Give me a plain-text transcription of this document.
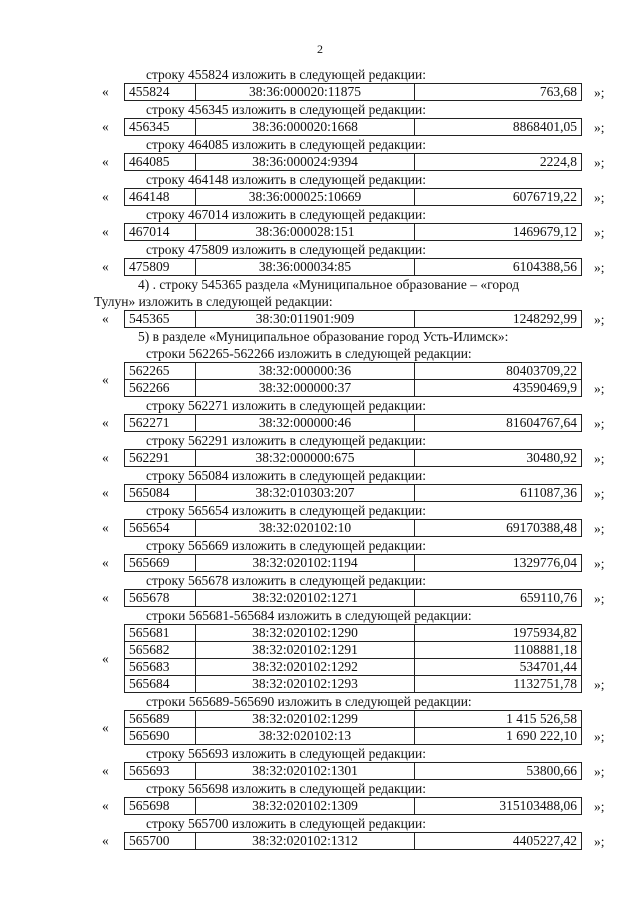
2
строку 455824 изложить в следующей редакции:
« 455824	38:36:000020:11875	763,68 »;
строку 456345 изложить в следующей редакции:
« 456345	38:36:000020:1668	8868401,05 »;
строку 464085 изложить в следующей редакции:
« 464085	38:36:000024:9394	2224,8 »;
строку 464148 изложить в следующей редакции:
« 464148	38:36:000025:10669	6076719,22 »;
строку 467014 изложить в следующей редакции:
« 467014	38:36:000028:151	1469679,12 »;
строку 475809 изложить в следующей редакции:
« 475809	38:36:000034:85	6104388,56 »;
4) . строку 545365 раздела «Муниципальное образование – «город
Тулун» изложить в следующей редакции:
« 545365	38:30:011901:909	1248292,99 »;
5) в разделе «Муниципальное образование город Усть-Илимск»:
строки 562265-562266 изложить в следующей редакции:
«
562265	38:32:000000:36	80403709,22
562266	38:32:000000:37	43590469,9 »;
строку 562271 изложить в следующей редакции:
« 562271	38:32:000000:46	81604767,64 »;
строку 562291 изложить в следующей редакции:
« 562291	38:32:000000:675	30480,92 »;
строку 565084 изложить в следующей редакции:
« 565084	38:32:010303:207	611087,36 »;
строку 565654 изложить в следующей редакции:
« 565654	38:32:020102:10	69170388,48 »;
строку 565669 изложить в следующей редакции:
« 565669	38:32:020102:1194	1329776,04 »;
строку 565678 изложить в следующей редакции:
« 565678	38:32:020102:1271	659110,76 »;
строки 565681-565684 изложить в следующей редакции:
«
565681	38:32:020102:1290	1975934,82
565682	38:32:020102:1291	1108881,18
565683	38:32:020102:1292	534701,44
565684	38:32:020102:1293	1132751,78 »;
строки 565689-565690 изложить в следующей редакции:
«
565689	38:32:020102:1299	1 415 526,58
565690	38:32:020102:13	1 690 222,10 »;
строку 565693 изложить в следующей редакции:
« 565693	38:32:020102:1301	53800,66 »;
строку 565698 изложить в следующей редакции:
« 565698	38:32:020102:1309	315103488,06 »;
строку 565700 изложить в следующей редакции:
« 565700	38:32:020102:1312	4405227,42 »;
